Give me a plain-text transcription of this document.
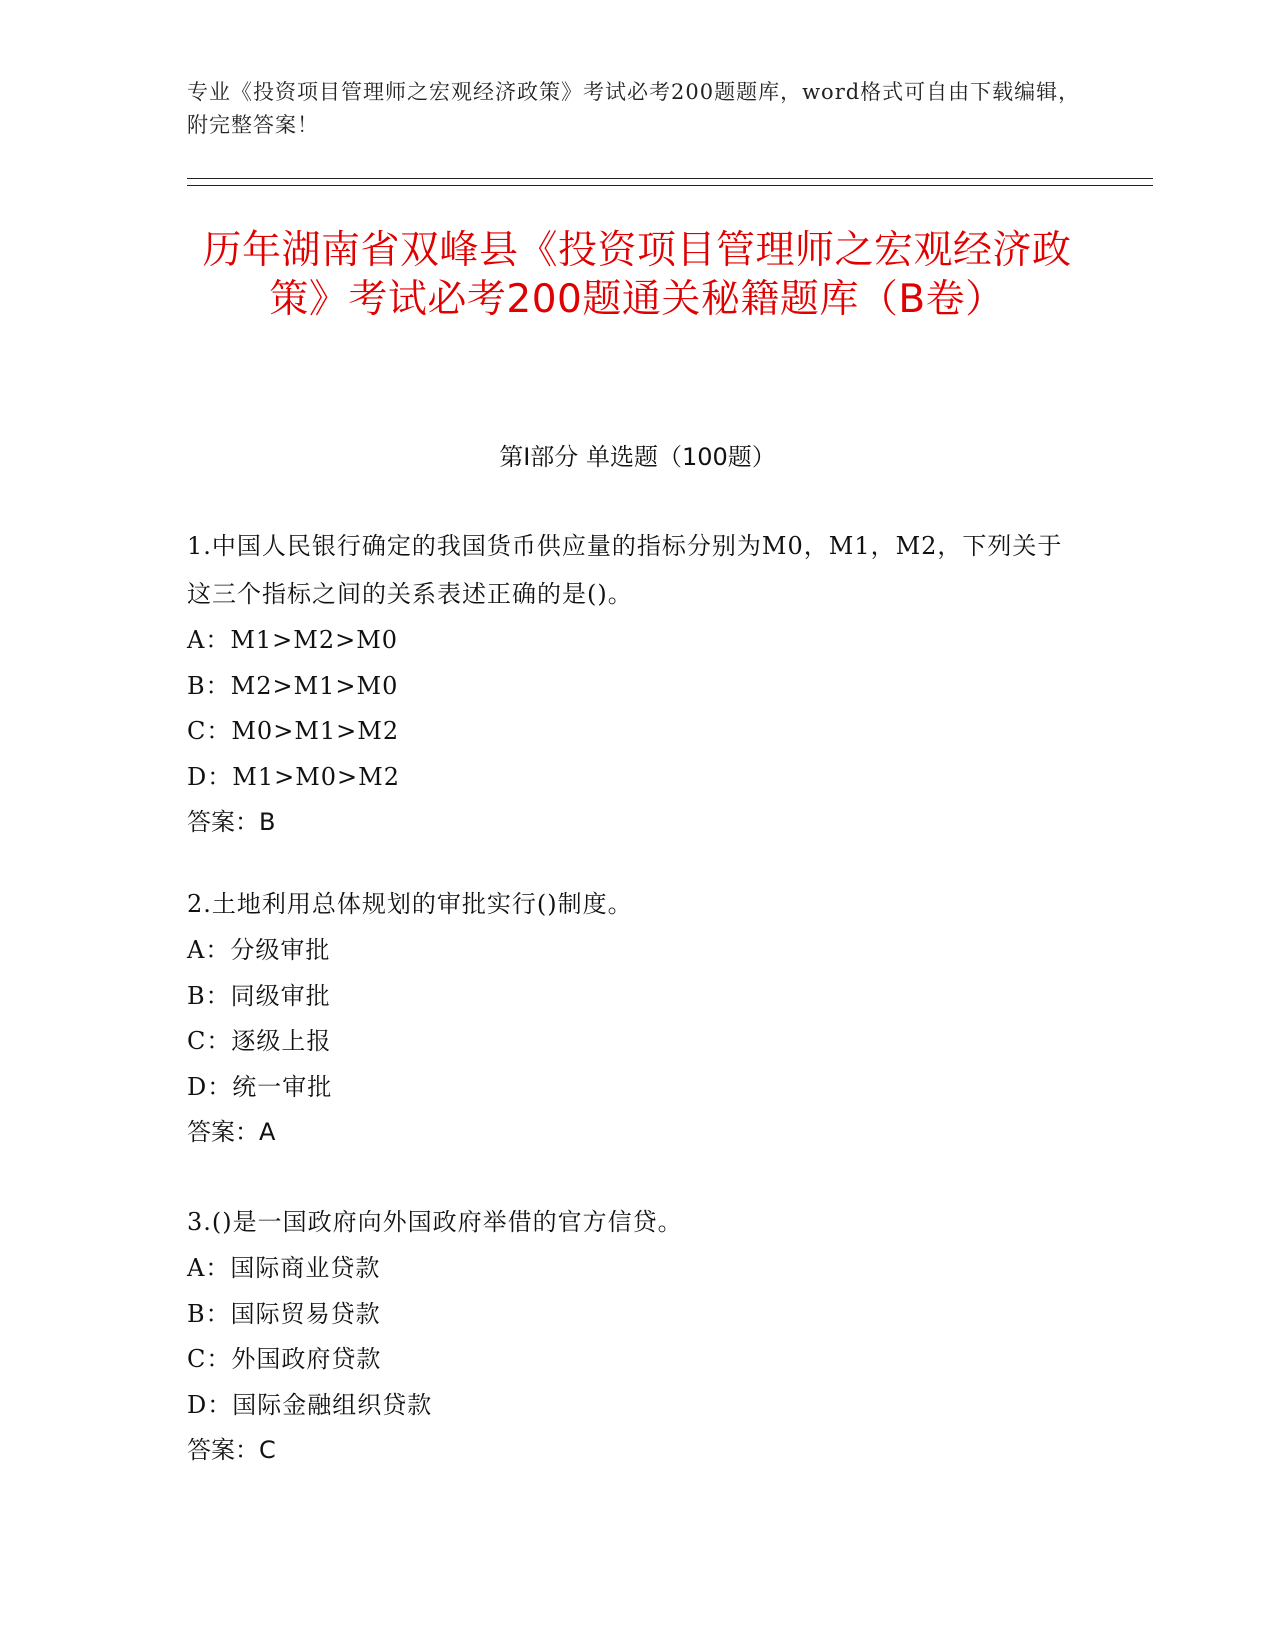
专业《投资项目管理师之宏观经济政策》考试必考200题题库，word格式可自由下载编辑，附完整答案！
历年湖南省双峰县《投资项目管理师之宏观经济政策》考试必考200题通关秘籍题库（B卷）
第Ⅰ部分 单选题（100题）
1.中国人民银行确定的我国货币供应量的指标分别为M0，M1，M2，下列关于这三个指标之间的关系表述正确的是()。
A：M1>M2>M0
B：M2>M1>M0
C：M0>M1>M2
D：M1>M0>M2
答案：B
2.土地利用总体规划的审批实行()制度。
A：分级审批
B：同级审批
C：逐级上报
D：统一审批
答案：A
3.()是一国政府向外国政府举借的官方信贷。
A：国际商业贷款
B：国际贸易贷款
C：外国政府贷款
D：国际金融组织贷款
答案：C
